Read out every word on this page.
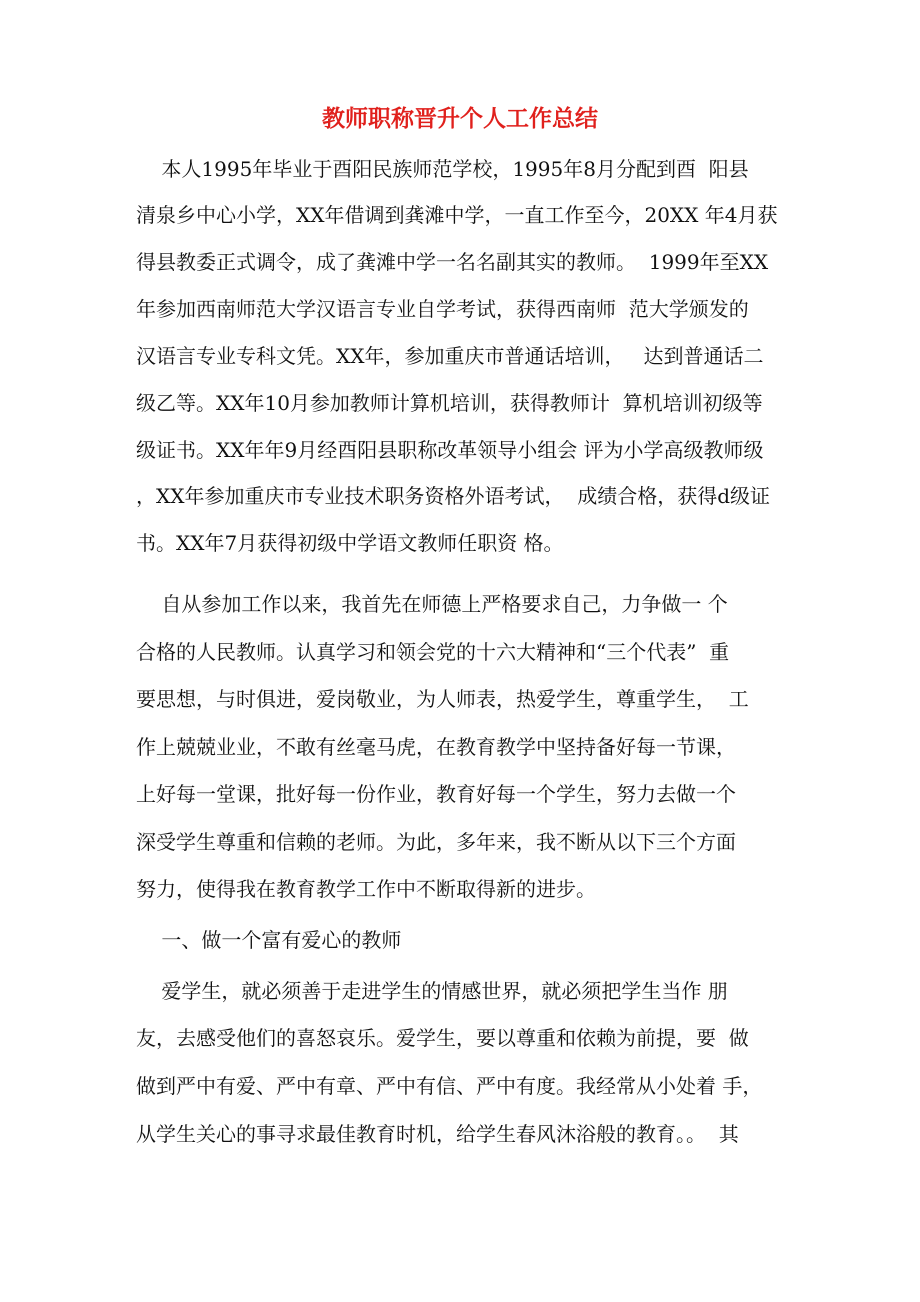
教师职称晋升个人工作总结

本人1995年毕业于酉阳民族师范学校，1995年8月分配到酉  阳县

清泉乡中心小学，XX年借调到龚滩中学，一直工作至今，20XX 年4月获

得县教委正式调令，成了龚滩中学一名名副其实的教师。  1999年至XX

年参加西南师范大学汉语言专业自学考试，获得西南师  范大学颁发的

汉语言专业专科文凭。XX年，参加重庆市普通话培训，   达到普通话二

级乙等。XX年10月参加教师计算机培训，获得教师计  算机培训初级等

级证书。XX年年9月经酉阳县职称改革领导小组会 评为小学高级教师级

，XX年参加重庆市专业技术职务资格外语考试，  成绩合格，获得d级证

书。XX年7月获得初级中学语文教师任职资 格。

自从参加工作以来，我首先在师德上严格要求自己，力争做一 个

合格的人民教师。认真学习和领会党的十六大精神和“三个代表”  重

要思想，与时俱进，爱岗敬业，为人师表，热爱学生，尊重学生，  工

作上兢兢业业，不敢有丝毫马虎，在教育教学中坚持备好每一节课，

上好每一堂课，批好每一份作业，教育好每一个学生，努力去做一个

深受学生尊重和信赖的老师。为此，多年来，我不断从以下三个方面

努力，使得我在教育教学工作中不断取得新的进步。

一、做一个富有爱心的教师

爱学生，就必须善于走进学生的情感世界，就必须把学生当作 朋

友，去感受他们的喜怒哀乐。爱学生，要以尊重和依赖为前提，要  做

做到严中有爱、严中有章、严中有信、严中有度。我经常从小处着 手，

从学生关心的事寻求最佳教育时机，给学生春风沐浴般的教育。。  其
